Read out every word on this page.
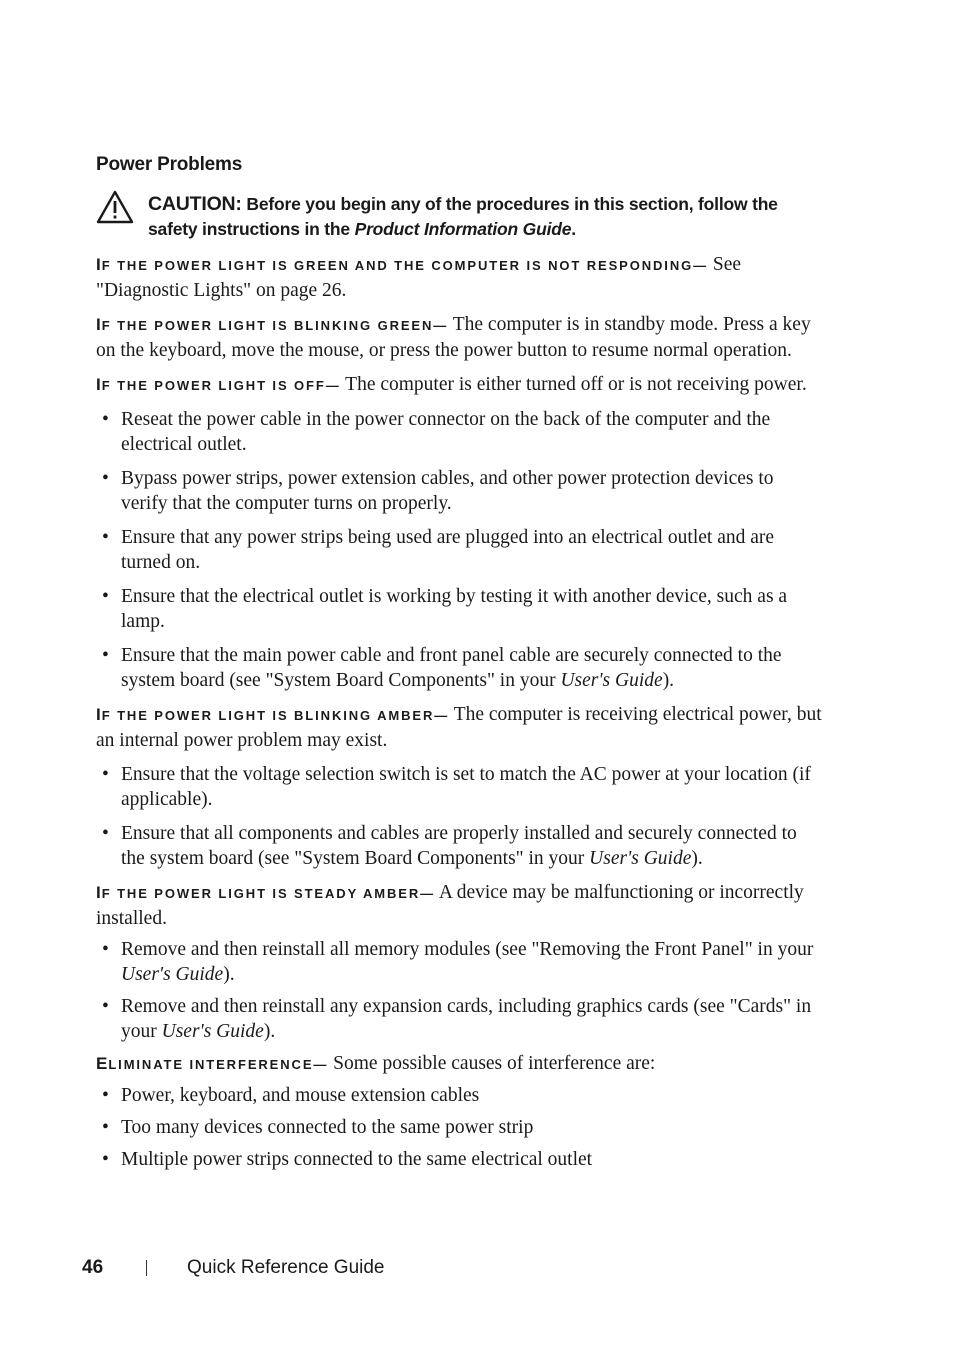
Power Problems
CAUTION: Before you begin any of the procedures in this section, follow the safety instructions in the Product Information Guide.

IF THE POWER LIGHT IS GREEN AND THE COMPUTER IS NOT RESPONDING— See "Diagnostic Lights" on page 26.

IF THE POWER LIGHT IS BLINKING GREEN— The computer is in standby mode. Press a key on the keyboard, move the mouse, or press the power button to resume normal operation.

IF THE POWER LIGHT IS OFF— The computer is either turned off or is not receiving power.

• Reseat the power cable in the power connector on the back of the computer and the electrical outlet.
• Bypass power strips, power extension cables, and other power protection devices to verify that the computer turns on properly.
• Ensure that any power strips being used are plugged into an electrical outlet and are turned on.
• Ensure that the electrical outlet is working by testing it with another device, such as a lamp.
• Ensure that the main power cable and front panel cable are securely connected to the system board (see "System Board Components" in your User's Guide).

IF THE POWER LIGHT IS BLINKING AMBER— The computer is receiving electrical power, but an internal power problem may exist.

• Ensure that the voltage selection switch is set to match the AC power at your location (if applicable).
• Ensure that all components and cables are properly installed and securely connected to the system board (see "System Board Components" in your User's Guide).

IF THE POWER LIGHT IS STEADY AMBER— A device may be malfunctioning or incorrectly installed.

• Remove and then reinstall all memory modules (see "Removing the Front Panel" in your User's Guide).
• Remove and then reinstall any expansion cards, including graphics cards (see "Cards" in your User's Guide).

ELIMINATE INTERFERENCE— Some possible causes of interference are:

• Power, keyboard, and mouse extension cables
• Too many devices connected to the same power strip
• Multiple power strips connected to the same electrical outlet
46	Quick Reference Guide
